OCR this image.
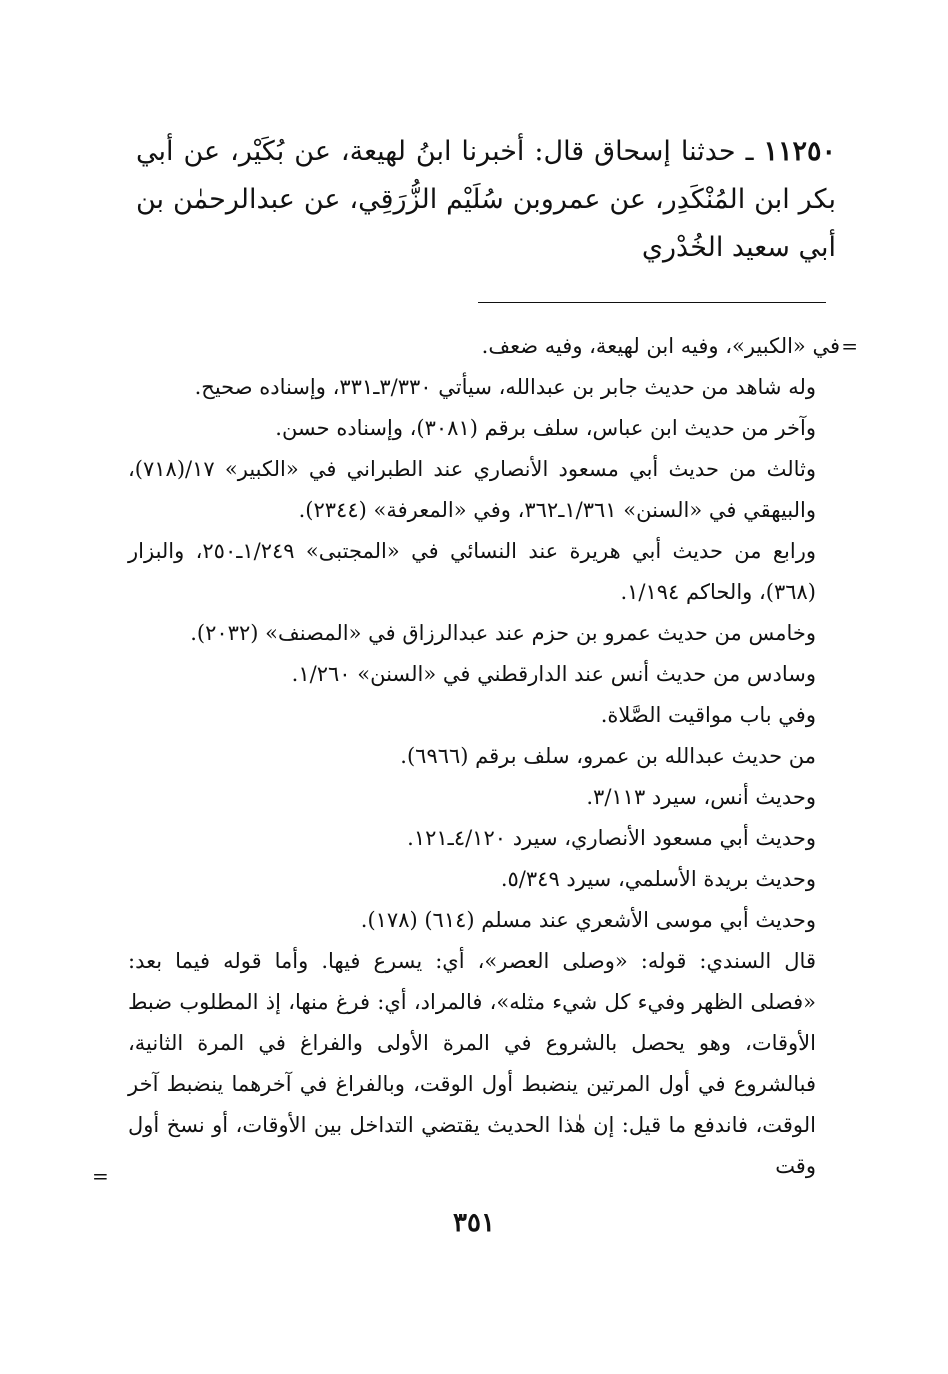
١١٢٥٠ ـ حدثنا إسحاق قال: أخبرنا ابنُ لهيعة، عن بُكَيْر، عن أبي بكر ابن المُنْكَدِر، عن عمروبن سُلَيْم الزُّرَقِي، عن عبدالرحمٰن بن أبي سعيد الخُدْري
=

في «الكبير»، وفيه ابن لهيعة، وفيه ضعف.

وله شاهد من حديث جابر بن عبدالله، سيأتي ٣/٣٣٠ـ٣٣١، وإسناده صحيح.

وآخر من حديث ابن عباس، سلف برقم (٣٠٨١)، وإسناده حسن.

وثالث من حديث أبي مسعود الأنصاري عند الطبراني في «الكبير» ١٧/(٧١٨)، والبيهقي في «السنن» ١/٣٦١ـ٣٦٢، وفي «المعرفة» (٢٣٤٤).

ورابع من حديث أبي هريرة عند النسائي في «المجتبى» ١/٢٤٩ـ٢٥٠، والبزار (٣٦٨)، والحاكم ١/١٩٤.

وخامس من حديث عمرو بن حزم عند عبدالرزاق في «المصنف» (٢٠٣٢).

وسادس من حديث أنس عند الدارقطني في «السنن» ١/٢٦٠.

وفي باب مواقيت الصَّلاة.

من حديث عبدالله بن عمرو، سلف برقم (٦٩٦٦).

وحديث أنس، سيرد ٣/١١٣.

وحديث أبي مسعود الأنصاري، سيرد ٤/١٢٠ـ١٢١.

وحديث بريدة الأسلمي، سيرد ٥/٣٤٩.

وحديث أبي موسى الأشعري عند مسلم (٦١٤) (١٧٨).

قال السندي: قوله: «وصلى العصر»، أي: يسرع فيها. وأما قوله فيما بعد: «فصلى الظهر وفيء كل شيء مثله»، فالمراد، أي: فرغ منها، إذ المطلوب ضبط الأوقات، وهو يحصل بالشروع في المرة الأولى والفراغ في المرة الثانية، فبالشروع في أول المرتين ينضبط أول الوقت، وبالفراغ في آخرهما ينضبط آخر الوقت، فاندفع ما قيل: إن هٰذا الحديث يقتضي التداخل بين الأوقات، أو نسخ أول وقت

=
٣٥١
